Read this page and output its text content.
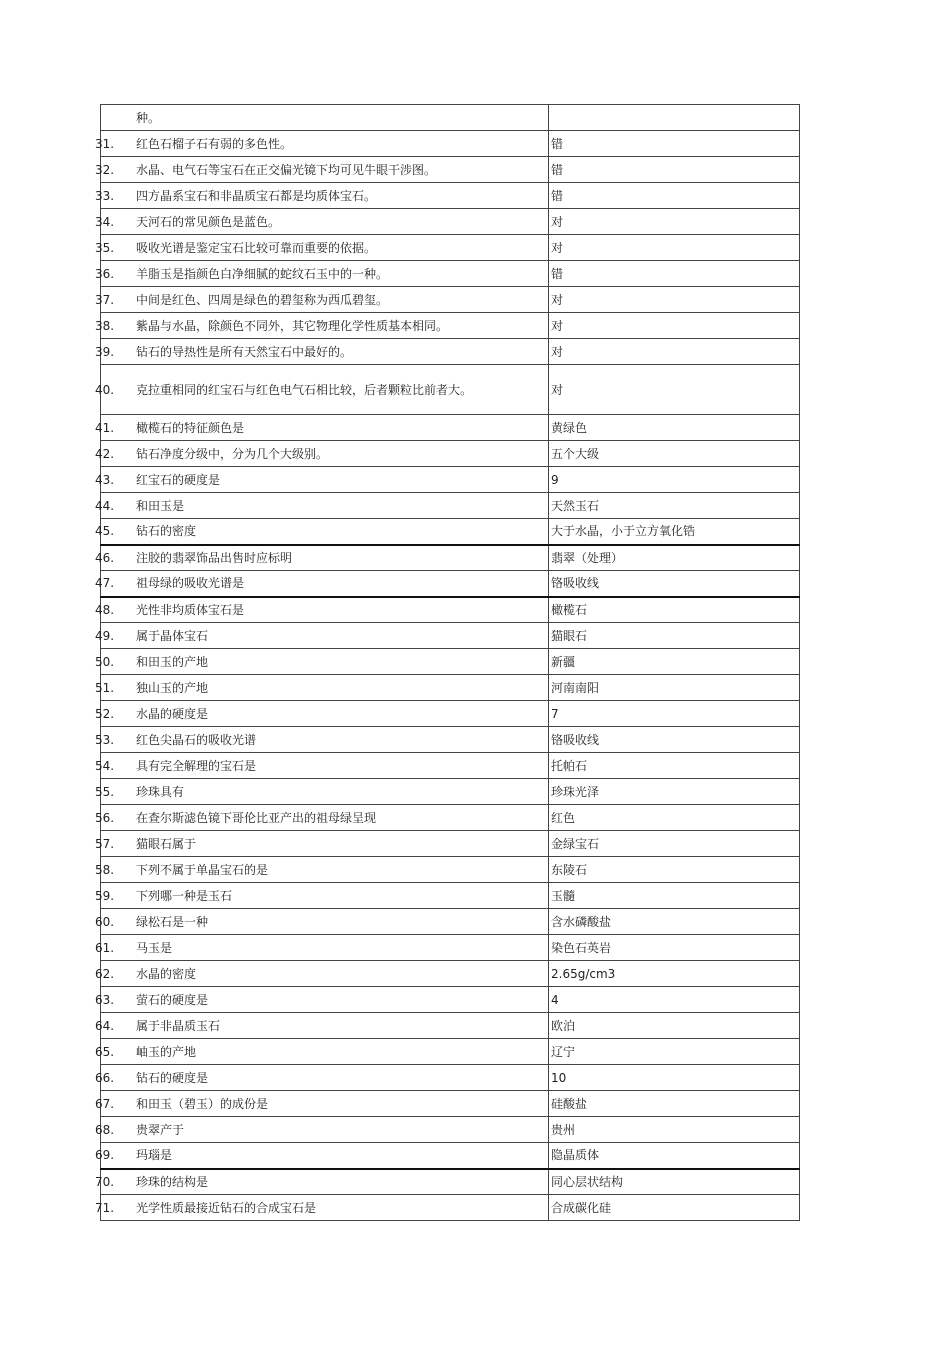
种。	

31. 红色石榴子石有弱的多色性。	错

32. 水晶、电气石等宝石在正交偏光镜下均可见牛眼干涉图。	错

33. 四方晶系宝石和非晶质宝石都是均质体宝石。	错

34. 天河石的常见颜色是蓝色。	对

35. 吸收光谱是鉴定宝石比较可靠而重要的依据。	对

36. 羊脂玉是指颜色白净细腻的蛇纹石玉中的一种。	错

37. 中间是红色、四周是绿色的碧玺称为西瓜碧玺。	对

38. 紫晶与水晶，除颜色不同外，其它物理化学性质基本相同。	对

39. 钻石的导热性是所有天然宝石中最好的。	对

40. 克拉重相同的红宝石与红色电气石相比较，后者颗粒比前者大。	对

41. 橄榄石的特征颜色是	黄绿色

42. 钻石净度分级中，分为几个大级别。	五个大级

43. 红宝石的硬度是	9

44. 和田玉是	天然玉石

45. 钻石的密度	大于水晶，小于立方氧化锆

46. 注胶的翡翠饰品出售时应标明	翡翠（处理）

47. 祖母绿的吸收光谱是	铬吸收线

48. 光性非均质体宝石是	橄榄石

49. 属于晶体宝石	猫眼石

50. 和田玉的产地	新疆

51. 独山玉的产地	河南南阳

52. 水晶的硬度是	7

53. 红色尖晶石的吸收光谱	铬吸收线

54. 具有完全解理的宝石是	托帕石

55. 珍珠具有	珍珠光泽

56. 在查尔斯滤色镜下哥伦比亚产出的祖母绿呈现	红色

57. 猫眼石属于	金绿宝石

58. 下列不属于单晶宝石的是	东陵石

59. 下列哪一种是玉石	玉髓

60. 绿松石是一种	含水磷酸盐

61. 马玉是	染色石英岩

62. 水晶的密度	2.65g/cm3

63. 萤石的硬度是	4

64. 属于非晶质玉石	欧泊

65. 岫玉的产地	辽宁

66. 钻石的硬度是	10

67. 和田玉（碧玉）的成份是	硅酸盐

68. 贵翠产于	贵州

69. 玛瑙是	隐晶质体

70. 珍珠的结构是	同心层状结构

71. 光学性质最接近钻石的合成宝石是	合成碳化硅
